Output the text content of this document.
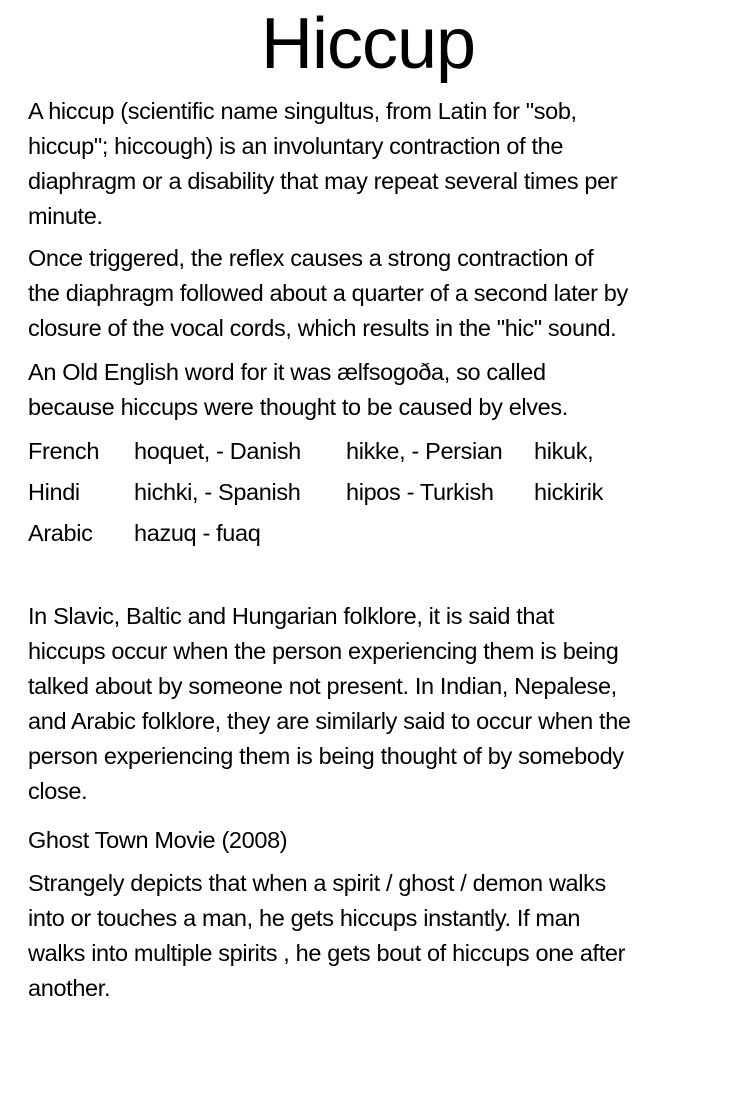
Hiccup

A hiccup (scientific name singultus, from Latin for "sob,
hiccup"; hiccough) is an involuntary contraction of the
diaphragm or a disability that may repeat several times per
minute.

Once triggered, the reflex causes a strong contraction of
the diaphragm followed about a quarter of a second later by
closure of the vocal cords, which results in the "hic" sound.

An Old English word for it was ælfsogoða, so called
because hiccups were thought to be caused by elves.

French hoquet, - Danish hikke, - Persian hikuk,
Hindi hichki, - Spanish hipos - Turkish hickirik
Arabic hazuq - fuaq

In Slavic, Baltic and Hungarian folklore, it is said that
hiccups occur when the person experiencing them is being
talked about by someone not present. In Indian, Nepalese,
and Arabic folklore, they are similarly said to occur when the
person experiencing them is being thought of by somebody
close.

Ghost Town Movie (2008)

Strangely depicts that when a spirit / ghost / demon walks
into or touches a man, he gets hiccups instantly. If man
walks into multiple spirits , he gets bout of hiccups one after
another.
